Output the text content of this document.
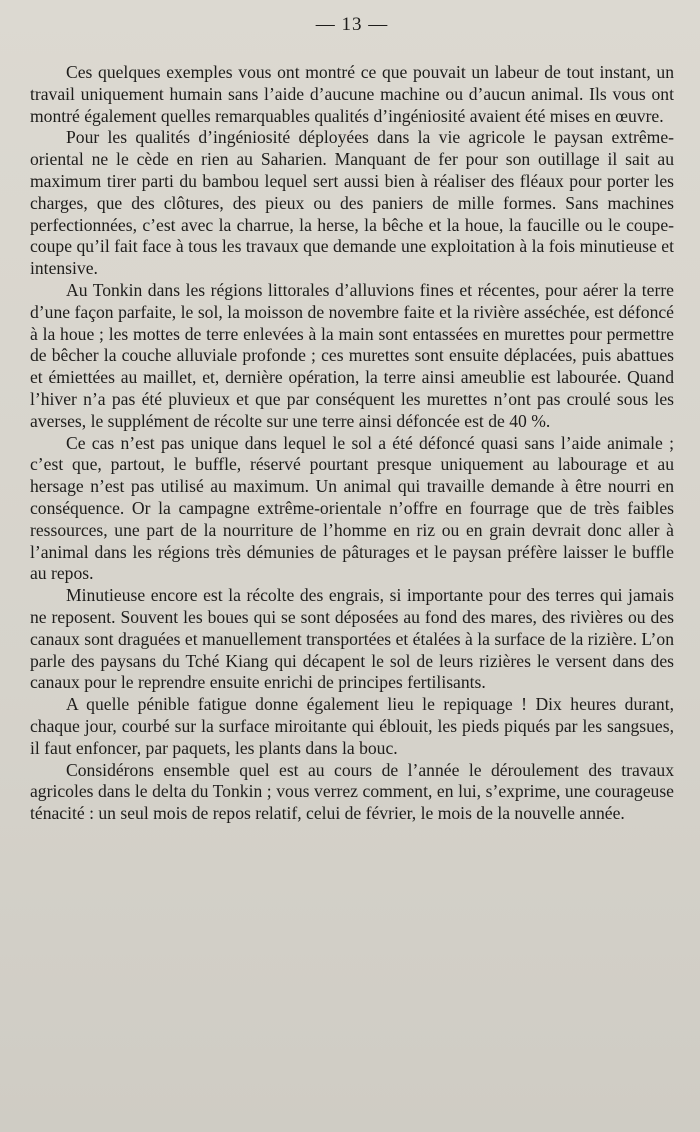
— 13 —

Ces quelques exemples vous ont montré ce que pouvait un labeur de tout instant, un travail uniquement humain sans l’aide d’aucune machine ou d’aucun animal. Ils vous ont montré également quelles remarquables qualités d’ingéniosité avaient été mises en œuvre.

Pour les qualités d’ingéniosité déployées dans la vie agricole le paysan extrême-oriental ne le cède en rien au Saharien. Manquant de fer pour son outillage il sait au maximum tirer parti du bambou lequel sert aussi bien à réaliser des fléaux pour porter les charges, que des clôtures, des pieux ou des paniers de mille formes. Sans machines perfectionnées, c’est avec la charrue, la herse, la bêche et la houe, la faucille ou le coupe-coupe qu’il fait face à tous les travaux que demande une exploitation à la fois minutieuse et intensive.

Au Tonkin dans les régions littorales d’alluvions fines et récentes, pour aérer la terre d’une façon parfaite, le sol, la moisson de novembre faite et la rivière asséchée, est défoncé à la houe ; les mottes de terre enlevées à la main sont entassées en murettes pour permettre de bêcher la couche alluviale profonde ; ces murettes sont ensuite déplacées, puis abattues et émiettées au maillet, et, dernière opération, la terre ainsi ameublie est labourée. Quand l’hiver n’a pas été pluvieux et que par conséquent les murettes n’ont pas croulé sous les averses, le supplément de récolte sur une terre ainsi défoncée est de 40 %.

Ce cas n’est pas unique dans lequel le sol a été défoncé quasi sans l’aide animale ; c’est que, partout, le buffle, réservé pourtant presque uniquement au labourage et au hersage n’est pas utilisé au maximum. Un animal qui travaille demande à être nourri en conséquence. Or la campagne extrême-orientale n’offre en fourrage que de très faibles ressources, une part de la nourriture de l’homme en riz ou en grain devrait donc aller à l’animal dans les régions très démunies de pâturages et le paysan préfère laisser le buffle au repos.

Minutieuse encore est la récolte des engrais, si importante pour des terres qui jamais ne reposent. Souvent les boues qui se sont déposées au fond des mares, des rivières ou des canaux sont draguées et manuellement transportées et étalées à la surface de la rizière. L’on parle des paysans du Tché Kiang qui décapent le sol de leurs rizières le versent dans des canaux pour le reprendre ensuite enrichi de principes fertilisants.

A quelle pénible fatigue donne également lieu le repiquage ! Dix heures durant, chaque jour, courbé sur la surface miroitante qui éblouit, les pieds piqués par les sangsues, il faut enfoncer, par paquets, les plants dans la bouc.

Considérons ensemble quel est au cours de l’année le déroulement des travaux agricoles dans le delta du Tonkin ; vous verrez comment, en lui, s’exprime, une courageuse ténacité : un seul mois de repos relatif, celui de février, le mois de la nouvelle année.
